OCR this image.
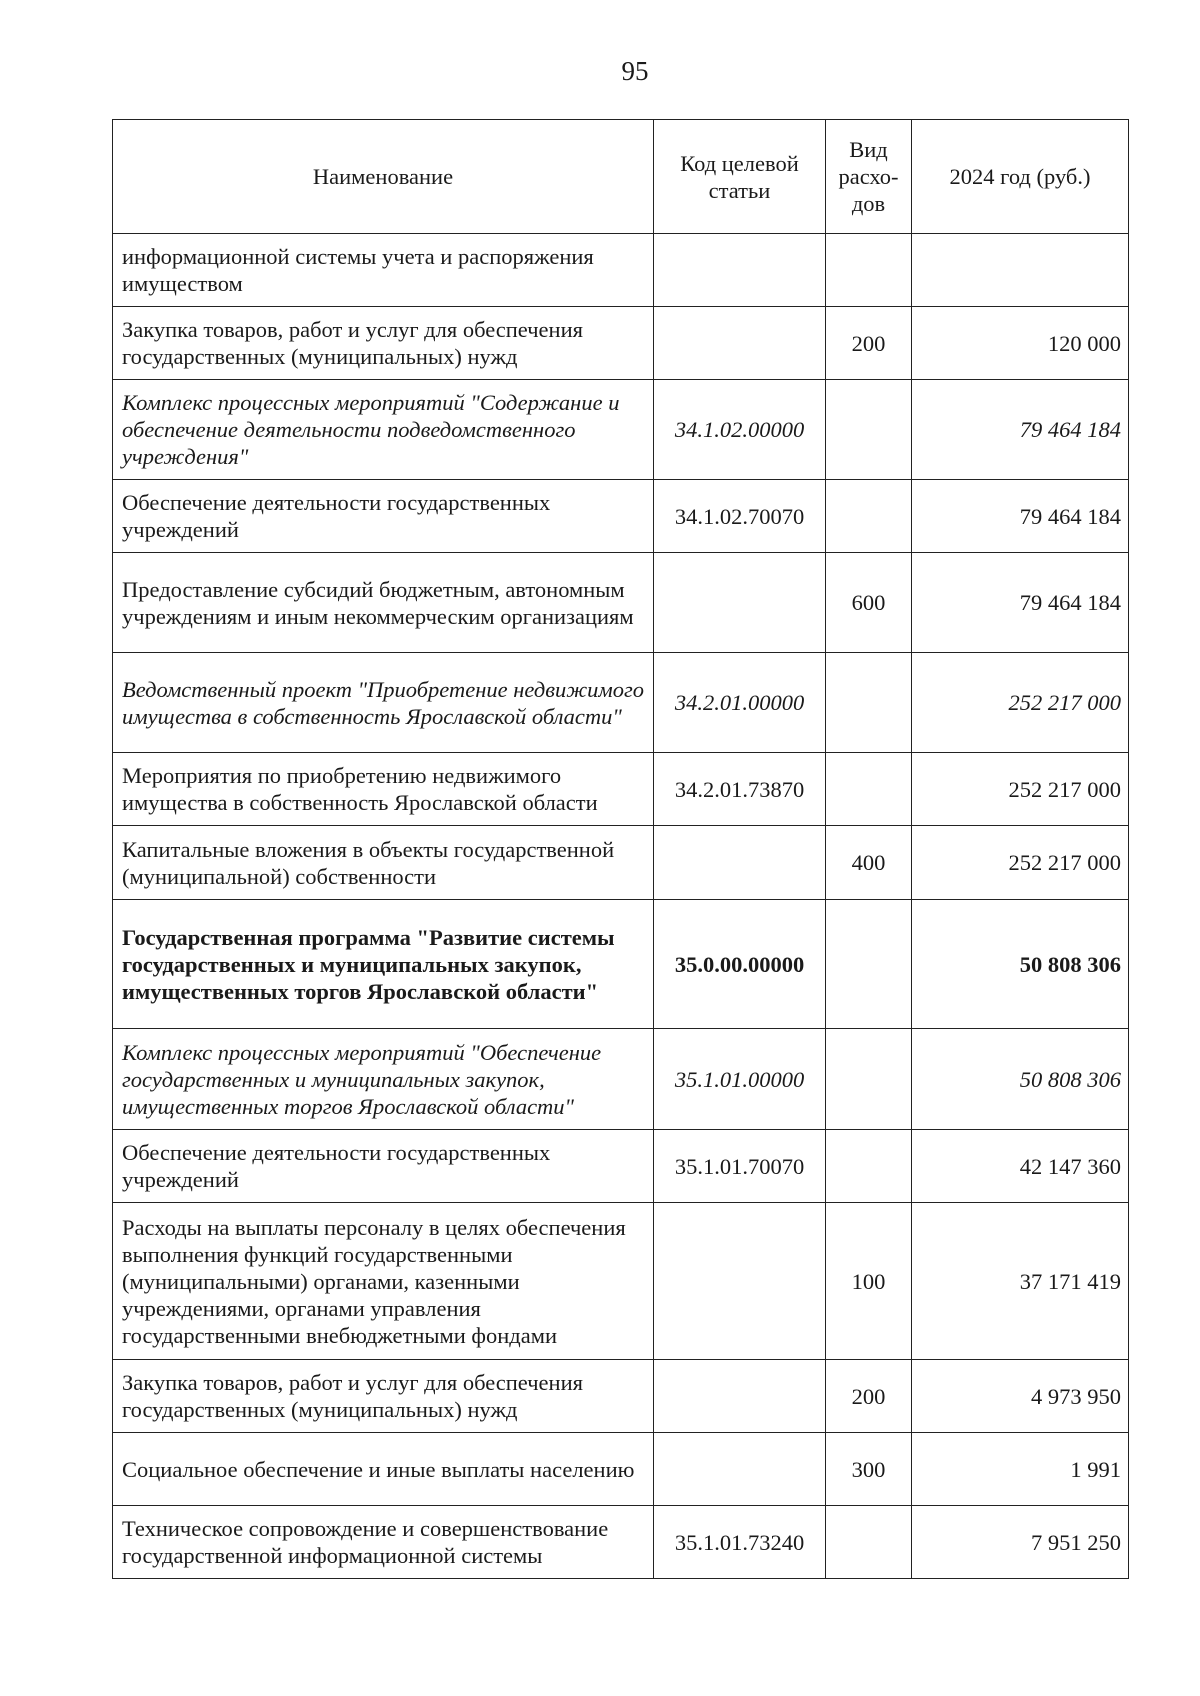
95
Наименование	Код целевой статьи	Вид расхо-дов	2024 год (руб.)
информационной системы учета и распоряжения имуществом			
Закупка товаров, работ и услуг для обеспечения государственных (муниципальных) нужд		200	120 000
Комплекс процессных мероприятий "Содержание и обеспечение деятельности подведомственного учреждения"	34.1.02.00000		79 464 184
Обеспечение деятельности государственных учреждений	34.1.02.70070		79 464 184
Предоставление субсидий бюджетным, автономным учреждениям и иным некоммерческим организациям		600	79 464 184
Ведомственный проект "Приобретение недвижимого имущества в собственность Ярославской области"	34.2.01.00000		252 217 000
Мероприятия по приобретению недвижимого имущества в собственность Ярославской области	34.2.01.73870		252 217 000
Капитальные вложения в объекты государственной (муниципальной) собственности		400	252 217 000
Государственная программа "Развитие системы государственных и муниципальных закупок, имущественных торгов Ярославской области"	35.0.00.00000		50 808 306
Комплекс процессных мероприятий "Обеспечение государственных и муниципальных закупок, имущественных торгов Ярославской области"	35.1.01.00000		50 808 306
Обеспечение деятельности государственных учреждений	35.1.01.70070		42 147 360
Расходы на выплаты персоналу в целях обеспечения выполнения функций государственными (муниципальными) органами, казенными учреждениями, органами управления государственными внебюджетными фондами		100	37 171 419
Закупка товаров, работ и услуг для обеспечения государственных (муниципальных) нужд		200	4 973 950
Социальное обеспечение и иные выплаты населению		300	1 991
Техническое сопровождение и совершенствование государственной информационной системы	35.1.01.73240		7 951 250
